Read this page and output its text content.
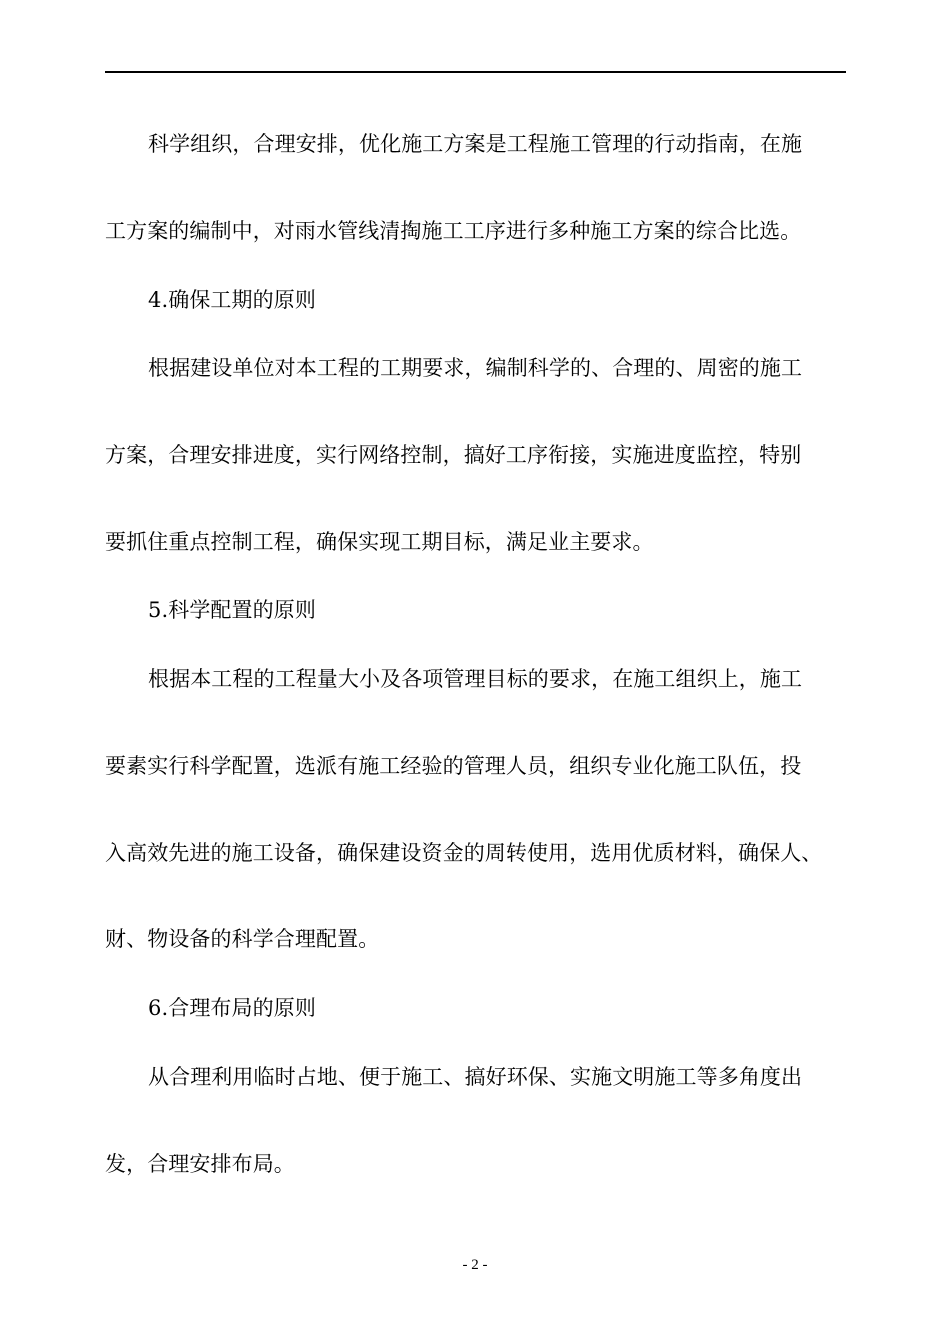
科学组织，合理安排，优化施工方案是工程施工管理的行动指南，在施
工方案的编制中，对雨水管线清掏施工工序进行多种施工方案的综合比选。
4.确保工期的原则
根据建设单位对本工程的工期要求，编制科学的、合理的、周密的施工
方案，合理安排进度，实行网络控制，搞好工序衔接，实施进度监控，特别
要抓住重点控制工程，确保实现工期目标，满足业主要求。
5.科学配置的原则
根据本工程的工程量大小及各项管理目标的要求，在施工组织上，施工
要素实行科学配置，选派有施工经验的管理人员，组织专业化施工队伍，投
入高效先进的施工设备，确保建设资金的周转使用，选用优质材料，确保人、
财、物设备的科学合理配置。
6.合理布局的原则
从合理利用临时占地、便于施工、搞好环保、实施文明施工等多角度出
发，合理安排布局。
- 2 -
